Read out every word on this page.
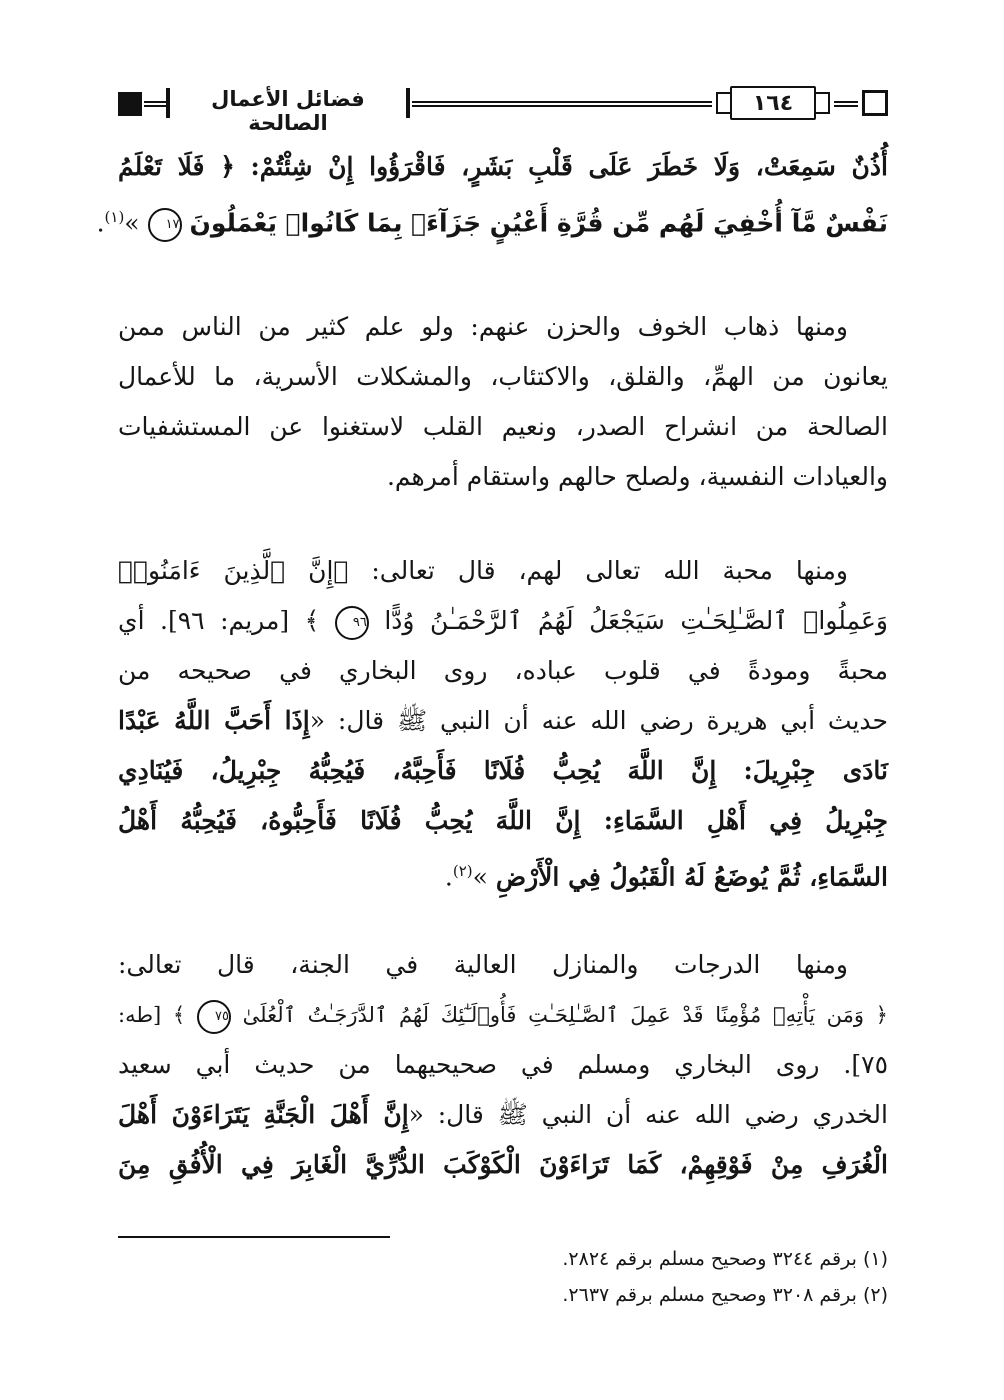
فضائل الأعمال الصالحة
١٦٤
أُذُنٌ سَمِعَتْ، وَلَا خَطَرَ عَلَى قَلْبِ بَشَرٍ، فَاقْرَؤُوا إِنْ شِئْتُمْ: ﴿ فَلَا تَعْلَمُ
نَفْسٌ مَّآ أُخْفِيَ لَهُم مِّن قُرَّةِ أَعْيُنٍ جَزَآءَۢ بِمَا كَانُوا۟ يَعْمَلُونَ ١٧ »$^{(١)}$.
ومنها ذهاب الخوف والحزن عنهم: ولو علم كثير من الناس ممن
يعانون من الهمِّ، والقلق، والاكتئاب، والمشكلات الأسرية، ما للأعمال
الصالحة من انشراح الصدر، ونعيم القلب لاستغنوا عن المستشفيات
والعيادات النفسية، ولصلح حالهم واستقام أمرهم.
ومنها محبة الله تعالى لهم، قال تعالى: ﴿إِنَّ ٱلَّذِينَ ءَامَنُوا۟
وَعَمِلُوا۟ ٱلصَّـٰلِحَـٰتِ سَيَجْعَلُ لَهُمُ ٱلرَّحْمَـٰنُ وُدًّا ٩٦ ﴾ [مريم: ٩٦]. أي
محبةً ومودةً في قلوب عباده، روى البخاري في صحيحه من
حديث أبي هريرة رضي الله عنه أن النبي ﷺ قال: «إِذَا أَحَبَّ اللَّهُ عَبْدًا
نَادَى جِبْرِيلَ: إِنَّ اللَّهَ يُحِبُّ فُلَانًا فَأَحِبَّهُ، فَيُحِبُّهُ جِبْرِيلُ، فَيُنَادِي
جِبْرِيلُ فِي أَهْلِ السَّمَاءِ: إِنَّ اللَّهَ يُحِبُّ فُلَانًا فَأَحِبُّوهُ، فَيُحِبُّهُ أَهْلُ
السَّمَاءِ، ثُمَّ يُوضَعُ لَهُ الْقَبُولُ فِي الْأَرْضِ »$^{(٢)}$.
ومنها الدرجات والمنازل العالية في الجنة، قال تعالى:
﴿ وَمَن يَأْتِهِۦ مُؤْمِنًا قَدْ عَمِلَ ٱلصَّـٰلِحَـٰتِ فَأُو۟لَـٰٓئِكَ لَهُمُ ٱلدَّرَجَـٰتُ ٱلْعُلَىٰ ٧٥ ﴾ [طه:
٧٥]. روى البخاري ومسلم في صحيحيهما من حديث أبي سعيد
الخدري رضي الله عنه أن النبي ﷺ قال: «إِنَّ أَهْلَ الْجَنَّةِ يَتَرَاءَوْنَ أَهْلَ
الْغُرَفِ مِنْ فَوْقِهِمْ، كَمَا تَرَاءَوْنَ الْكَوْكَبَ الدُّرِّيَّ الْغَابِرَ فِي الْأُفُقِ مِنَ
(١) برقم ٣٢٤٤ وصحيح مسلم برقم ٢٨٢٤.
(٢) برقم ٣٢٠٨ وصحيح مسلم برقم ٢٦٣٧.
